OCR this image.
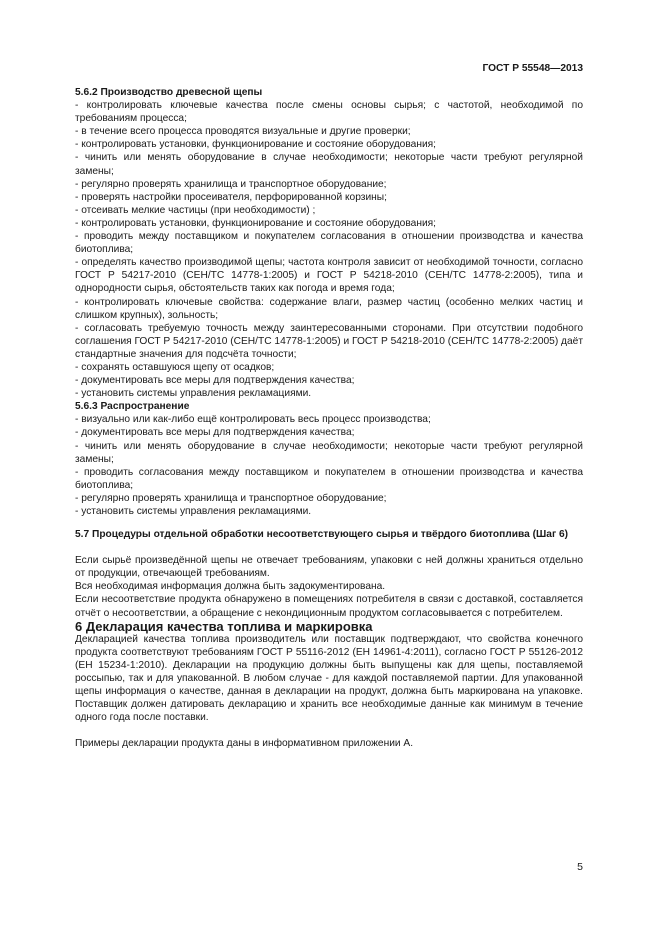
ГОСТ Р 55548—2013

5.6.2 Производство древесной щепы

- контролировать ключевые качества после смены основы сырья; с частотой, необходимой по требованиям процесса;

- в течение всего процесса проводятся визуальные и другие проверки;

- контролировать установки, функционирование и состояние оборудования;

- чинить или менять оборудование в случае необходимости; некоторые части требуют регулярной замены;

- регулярно проверять хранилища и транспортное оборудование;

- проверять настройки просеивателя, перфорированной корзины;

- отсеивать мелкие частицы (при необходимости) ;

- контролировать установки, функционирование и состояние оборудования;

- проводить между поставщиком и покупателем согласования в отношении производства и качества биотоплива;

- определять качество производимой щепы; частота контроля зависит от необходимой точности, согласно ГОСТ Р 54217-2010 (CEH/TC 14778-1:2005) и ГОСТ Р 54218-2010 (CEH/TC 14778-2:2005), типа и однородности сырья, обстоятельств таких как погода и время года;

- контролировать ключевые свойства: содержание влаги, размер частиц (особенно мелких частиц и слишком крупных), зольность;

- согласовать требуемую точность между заинтересованными сторонами. При отсутствии подобного соглашения ГОСТ Р 54217-2010 (CEH/TC 14778-1:2005) и ГОСТ Р 54218-2010 (CEH/TC 14778-2:2005) даёт стандартные значения для подсчёта точности;

- сохранять оставшуюся щепу от осадков;

- документировать все меры для подтверждения качества;

- установить системы управления рекламациями.

5.6.3 Распространение

- визуально или как-либо ещё контролировать весь процесс производства;

- документировать все меры для подтверждения качества;

- чинить или менять оборудование в случае необходимости; некоторые части требуют регулярной замены;

- проводить согласования между поставщиком и покупателем в отношении производства и качества биотоплива;

- регулярно проверять хранилища и транспортное оборудование;

- установить системы управления рекламациями.

5.7 Процедуры отдельной обработки несоответствующего сырья и твёрдого биотоплива (Шаг 6)

Если сырьё произведённой щепы не отвечает требованиям, упаковки с ней должны храниться отдельно от продукции, отвечающей требованиям.

Вся необходимая информация должна быть задокументирована.

Если несоответствие продукта обнаружено в помещениях потребителя в связи с доставкой, составляется отчёт о несоответствии, а обращение с некондиционным продуктом согласовывается с потребителем.

6 Декларация качества топлива и маркировка

Декларацией качества топлива производитель или поставщик подтверждают, что свойства конечного продукта соответствуют требованиям ГОСТ Р 55116-2012 (ЕН 14961-4:2011), согласно ГОСТ Р 55126-2012 (ЕН 15234-1:2010). Декларации на продукцию должны быть выпущены как для щепы, поставляемой россыпью, так и для упакованной. В любом случае - для каждой поставляемой партии. Для упакованной щепы информация о качестве, данная в декларации на продукт, должна быть маркирована на упаковке. Поставщик должен датировать декларацию и хранить все необходимые данные как минимум в течение одного года после поставки.

Примеры декларации продукта даны в информативном приложении А.

5
